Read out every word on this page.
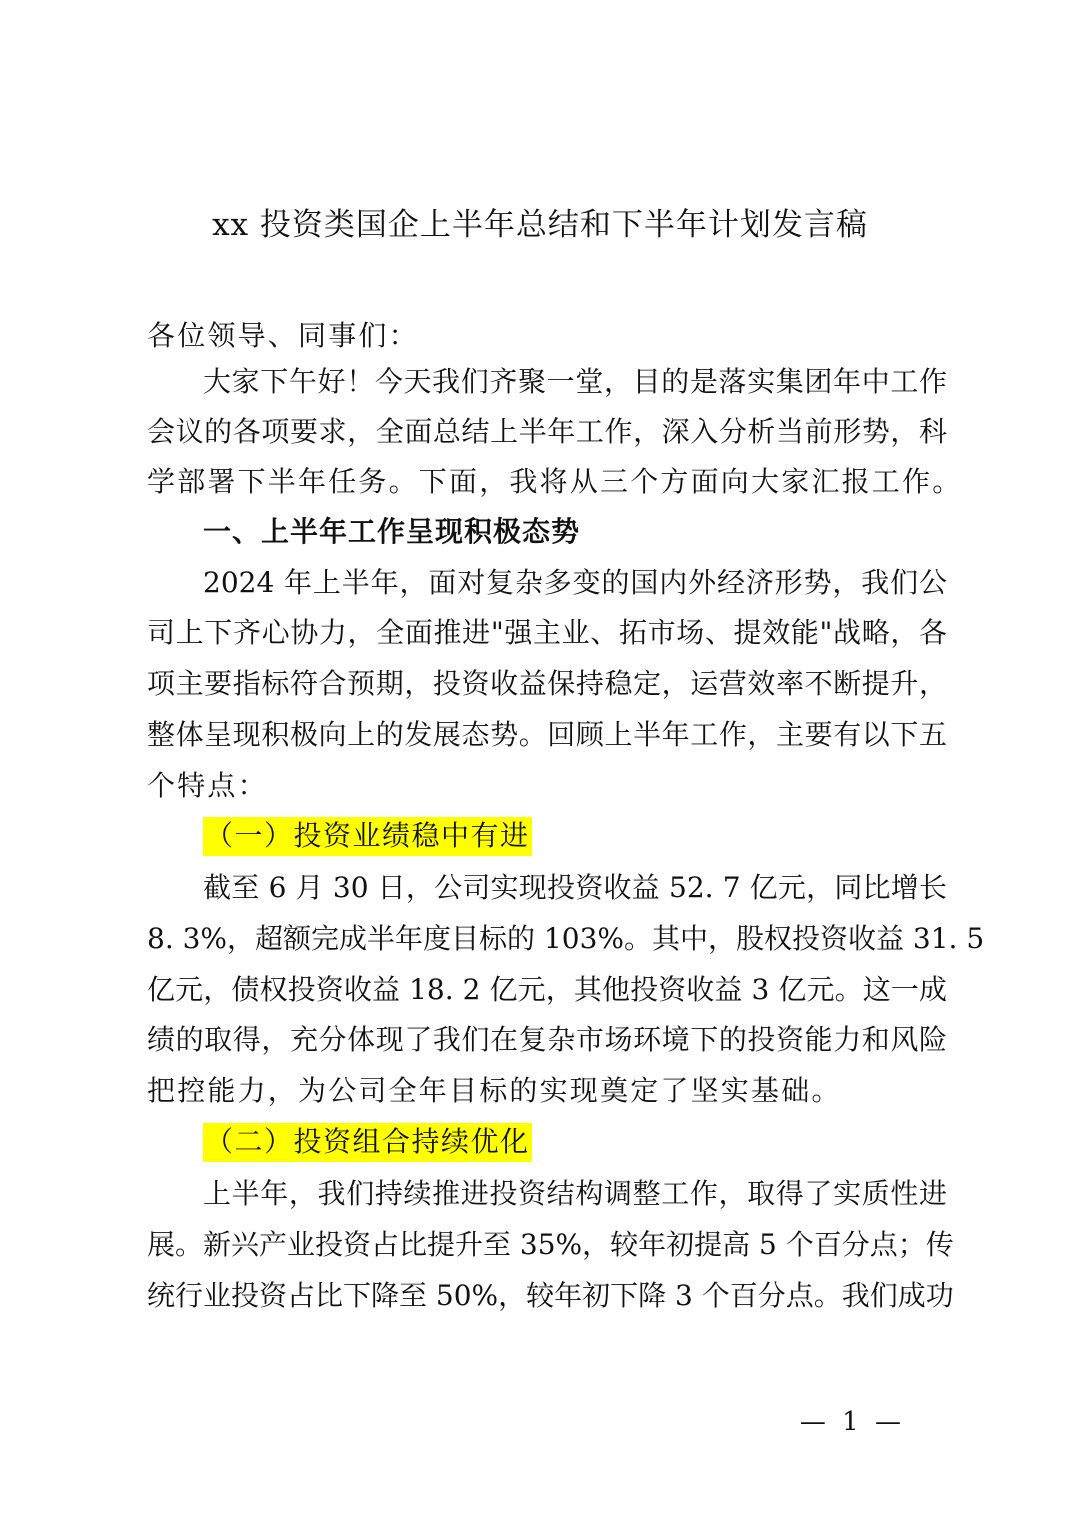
xx 投资类国企上半年总结和下半年计划发言稿
各位领导、同事们：
大家下午好！今天我们齐聚一堂，目的是落实集团年中工作
会议的各项要求，全面总结上半年工作，深入分析当前形势，科
学部署下半年任务。下面，我将从三个方面向大家汇报工作。
一、上半年工作呈现积极态势
2024 年上半年，面对复杂多变的国内外经济形势，我们公
司上下齐心协力，全面推进"强主业、拓市场、提效能"战略，各
项主要指标符合预期，投资收益保持稳定，运营效率不断提升，
整体呈现积极向上的发展态势。回顾上半年工作，主要有以下五
个特点：
（一）投资业绩稳中有进
截至 6 月 30 日，公司实现投资收益 52. 7 亿元，同比增长
8. 3%，超额完成半年度目标的 103%。其中，股权投资收益 31. 5
亿元，债权投资收益 18. 2 亿元，其他投资收益 3 亿元。这一成
绩的取得，充分体现了我们在复杂市场环境下的投资能力和风险
把控能力，为公司全年目标的实现奠定了坚实基础。
（二）投资组合持续优化
上半年，我们持续推进投资结构调整工作，取得了实质性进
展。新兴产业投资占比提升至 35%，较年初提高 5 个百分点；传
统行业投资占比下降至 50%，较年初下降 3 个百分点。我们成功
— 1 —
